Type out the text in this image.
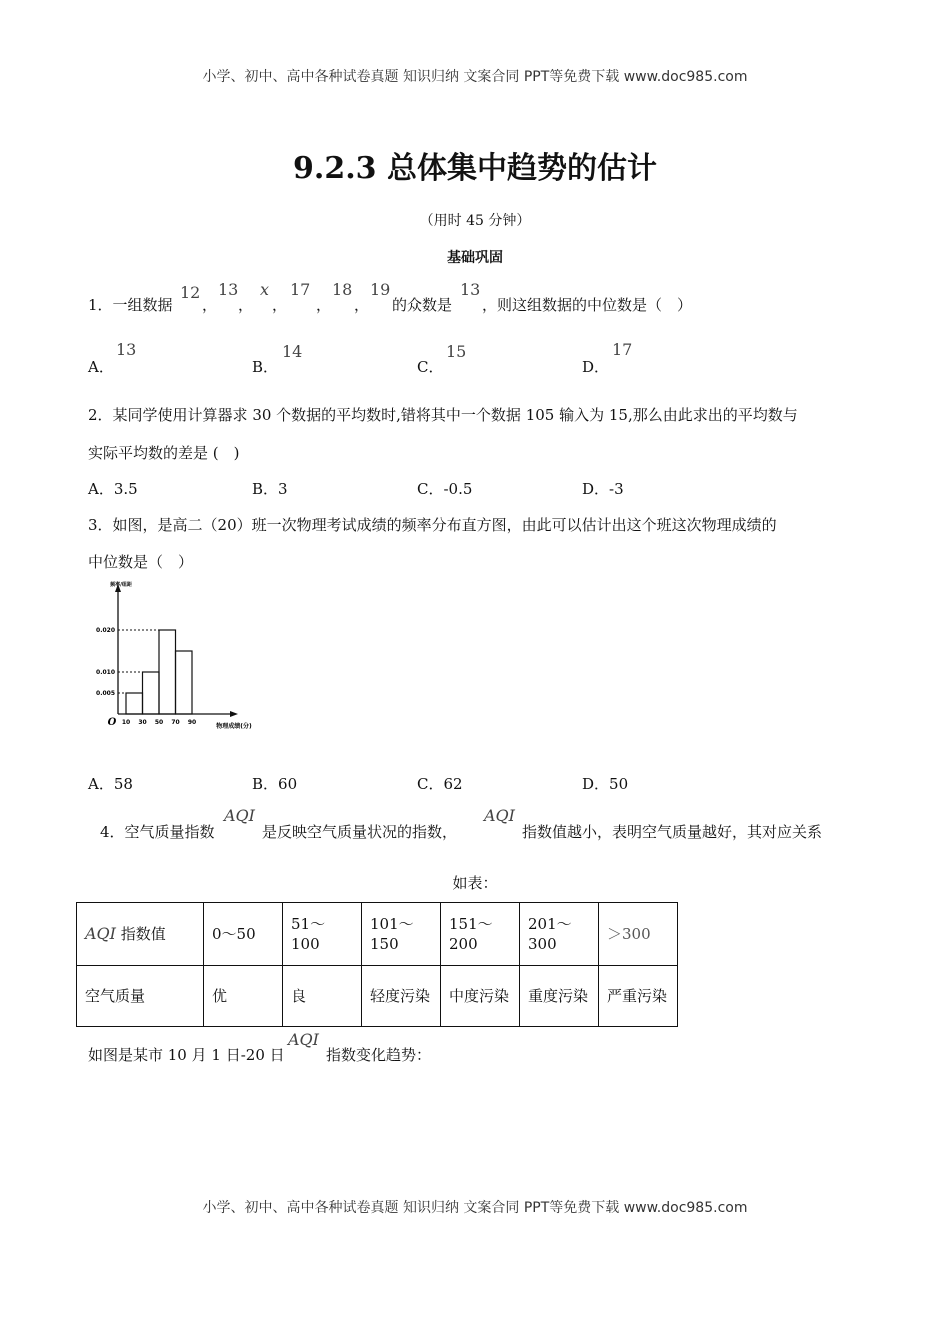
小学、初中、高中各种试卷真题 知识归纳 文案合同 PPT等免费下载 www.doc985.com
9.2.3 总体集中趋势的估计
（用时 45 分钟）
基础巩固
1．一组数据
12
，
13
，
x
，
17
，
18
，
19
的众数是
13
，则这组数据的中位数是（　）
A．
13
B．
14
C．
15
D．
17
2．某同学使用计算器求 30 个数据的平均数时,错将其中一个数据 105 输入为 15,那么由此求出的平均数与
实际平均数的差是 (　)
A．3.5	B．3	C．-0.5	D．-3
3．如图，是高二（20）班一次物理考试成绩的频率分布直方图，由此可以估计出这个班这次物理成绩的
中位数是（　）
0.005
0.010
0.020
10 30 50 70 90
O
频率/组距
物理成绩(分)
A．58	B．60	C．62	D．50
4．空气质量指数
AQI
是反映空气质量状况的指数，
AQI
指数值越小，表明空气质量越好，其对应关系
如表：
AQI 指数值	0～50	51～100	101～150	151～200	201～300	＞300
空气质量	优	良	轻度污染	中度污染	重度污染	严重污染
如图是某市 10 月 1 日-20 日
AQI
指数变化趋势：
小学、初中、高中各种试卷真题 知识归纳 文案合同 PPT等免费下载 www.doc985.com
